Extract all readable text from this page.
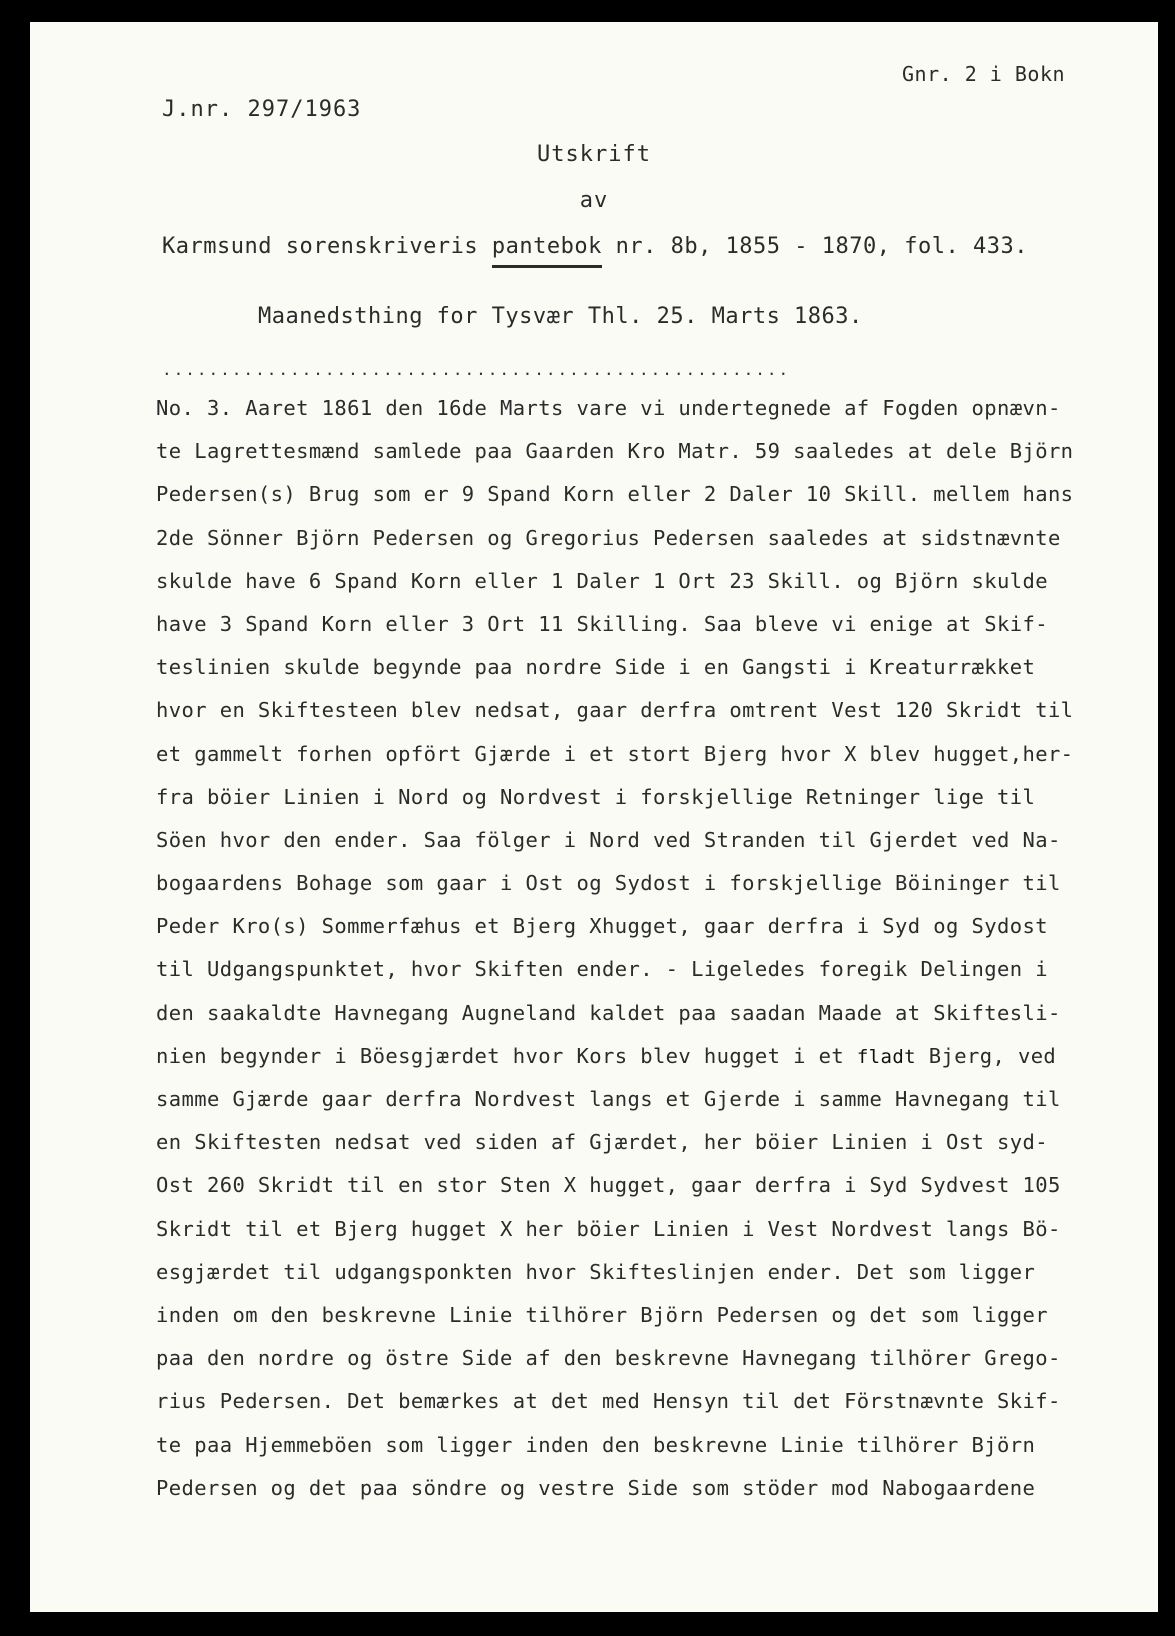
Gnr. 2 i Bokn
J.nr. 297/1963
Utskrift
av
Karmsund sorenskriveris pantebok nr. 8b, 1855 - 1870, fol. 433.
Maanedsthing for Tysvær Thl. 25. Marts 1863.
......................................................
No. 3. Aaret 1861 den 16de Marts vare vi undertegnede af Fogden opnævn-
te Lagrettesmænd samlede paa Gaarden Kro Matr. 59 saaledes at dele Björn
Pedersen(s) Brug som er 9 Spand Korn eller 2 Daler 10 Skill. mellem hans
2de Sönner Björn Pedersen og Gregorius Pedersen saaledes at sidstnævnte
skulde have 6 Spand Korn eller 1 Daler 1 Ort 23 Skill. og Björn skulde
have 3 Spand Korn eller 3 Ort 11 Skilling. Saa bleve vi enige at Skif-
teslinien skulde begynde paa nordre Side i en Gangsti i Kreaturrækket
hvor en Skiftesteen blev nedsat, gaar derfra omtrent Vest 120 Skridt til
et gammelt forhen opfört Gjærde i et stort Bjerg hvor X blev hugget,her-
fra böier Linien i Nord og Nordvest i forskjellige Retninger lige til
Söen hvor den ender. Saa fölger i Nord ved Stranden til Gjerdet ved Na-
bogaardens Bohage som gaar i Ost og Sydost i forskjellige Böininger til
Peder Kro(s) Sommerfæhus et Bjerg Xhugget, gaar derfra i Syd og Sydost
til Udgangspunktet, hvor Skiften ender. - Ligeledes foregik Delingen i
den saakaldte Havnegang Augneland kaldet paa saadan Maade at Skiftesli-
nien begynder i Böesgjærdet hvor Kors blev hugget i et fladt Bjerg, ved
samme Gjærde gaar derfra Nordvest langs et Gjerde i samme Havnegang til
en Skiftesten nedsat ved siden af Gjærdet, her böier Linien i Ost syd-
Ost 260 Skridt til en stor Sten X hugget, gaar derfra i Syd Sydvest 105
Skridt til et Bjerg hugget X her böier Linien i Vest Nordvest langs Bö-
esgjærdet til udgangsponkten hvor Skifteslinjen ender. Det som ligger
inden om den beskrevne Linie tilhörer Björn Pedersen og det som ligger
paa den nordre og östre Side af den beskrevne Havnegang tilhörer Grego-
rius Pedersen. Det bemærkes at det med Hensyn til det Förstnævnte Skif-
te paa Hjemmeböen som ligger inden den beskrevne Linie tilhörer Björn
Pedersen og det paa söndre og vestre Side som stöder mod Nabogaardene
